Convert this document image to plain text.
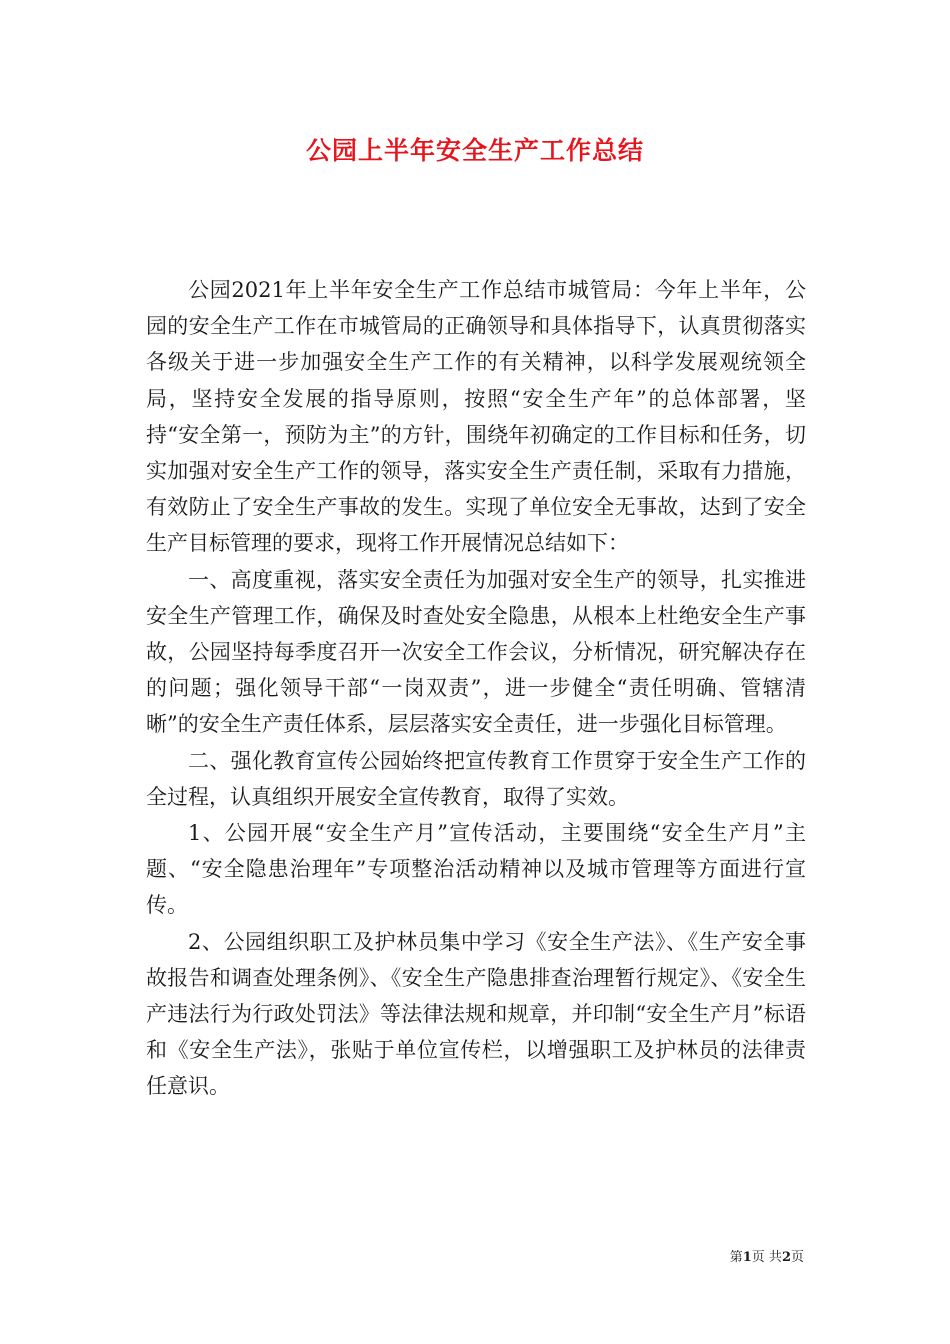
公园上半年安全生产工作总结

公园2021年上半年安全生产工作总结市城管局：今年上半年，公园的安全生产工作在市城管局的正确领导和具体指导下，认真贯彻落实各级关于进一步加强安全生产工作的有关精神，以科学发展观统领全局，坚持安全发展的指导原则，按照“安全生产年”的总体部署，坚持“安全第一，预防为主”的方针，围绕年初确定的工作目标和任务，切实加强对安全生产工作的领导，落实安全生产责任制，采取有力措施，有效防止了安全生产事故的发生。实现了单位安全无事故，达到了安全生产目标管理的要求，现将工作开展情况总结如下：

一、高度重视，落实安全责任为加强对安全生产的领导，扎实推进安全生产管理工作，确保及时查处安全隐患，从根本上杜绝安全生产事故，公园坚持每季度召开一次安全工作会议，分析情况，研究解决存在的问题；强化领导干部“一岗双责”，进一步健全“责任明确、管辖清晰”的安全生产责任体系，层层落实安全责任，进一步强化目标管理。

二、强化教育宣传公园始终把宣传教育工作贯穿于安全生产工作的全过程，认真组织开展安全宣传教育，取得了实效。

1、公园开展“安全生产月”宣传活动，主要围绕“安全生产月”主题、“安全隐患治理年”专项整治活动精神以及城市管理等方面进行宣传。

2、公园组织职工及护林员集中学习《安全生产法》、《生产安全事故报告和调查处理条例》、《安全生产隐患排查治理暂行规定》、《安全生产违法行为行政处罚法》等法律法规和规章，并印制“安全生产月”标语和《安全生产法》，张贴于单位宣传栏，以增强职工及护林员的法律责任意识。

第1页 共2页
